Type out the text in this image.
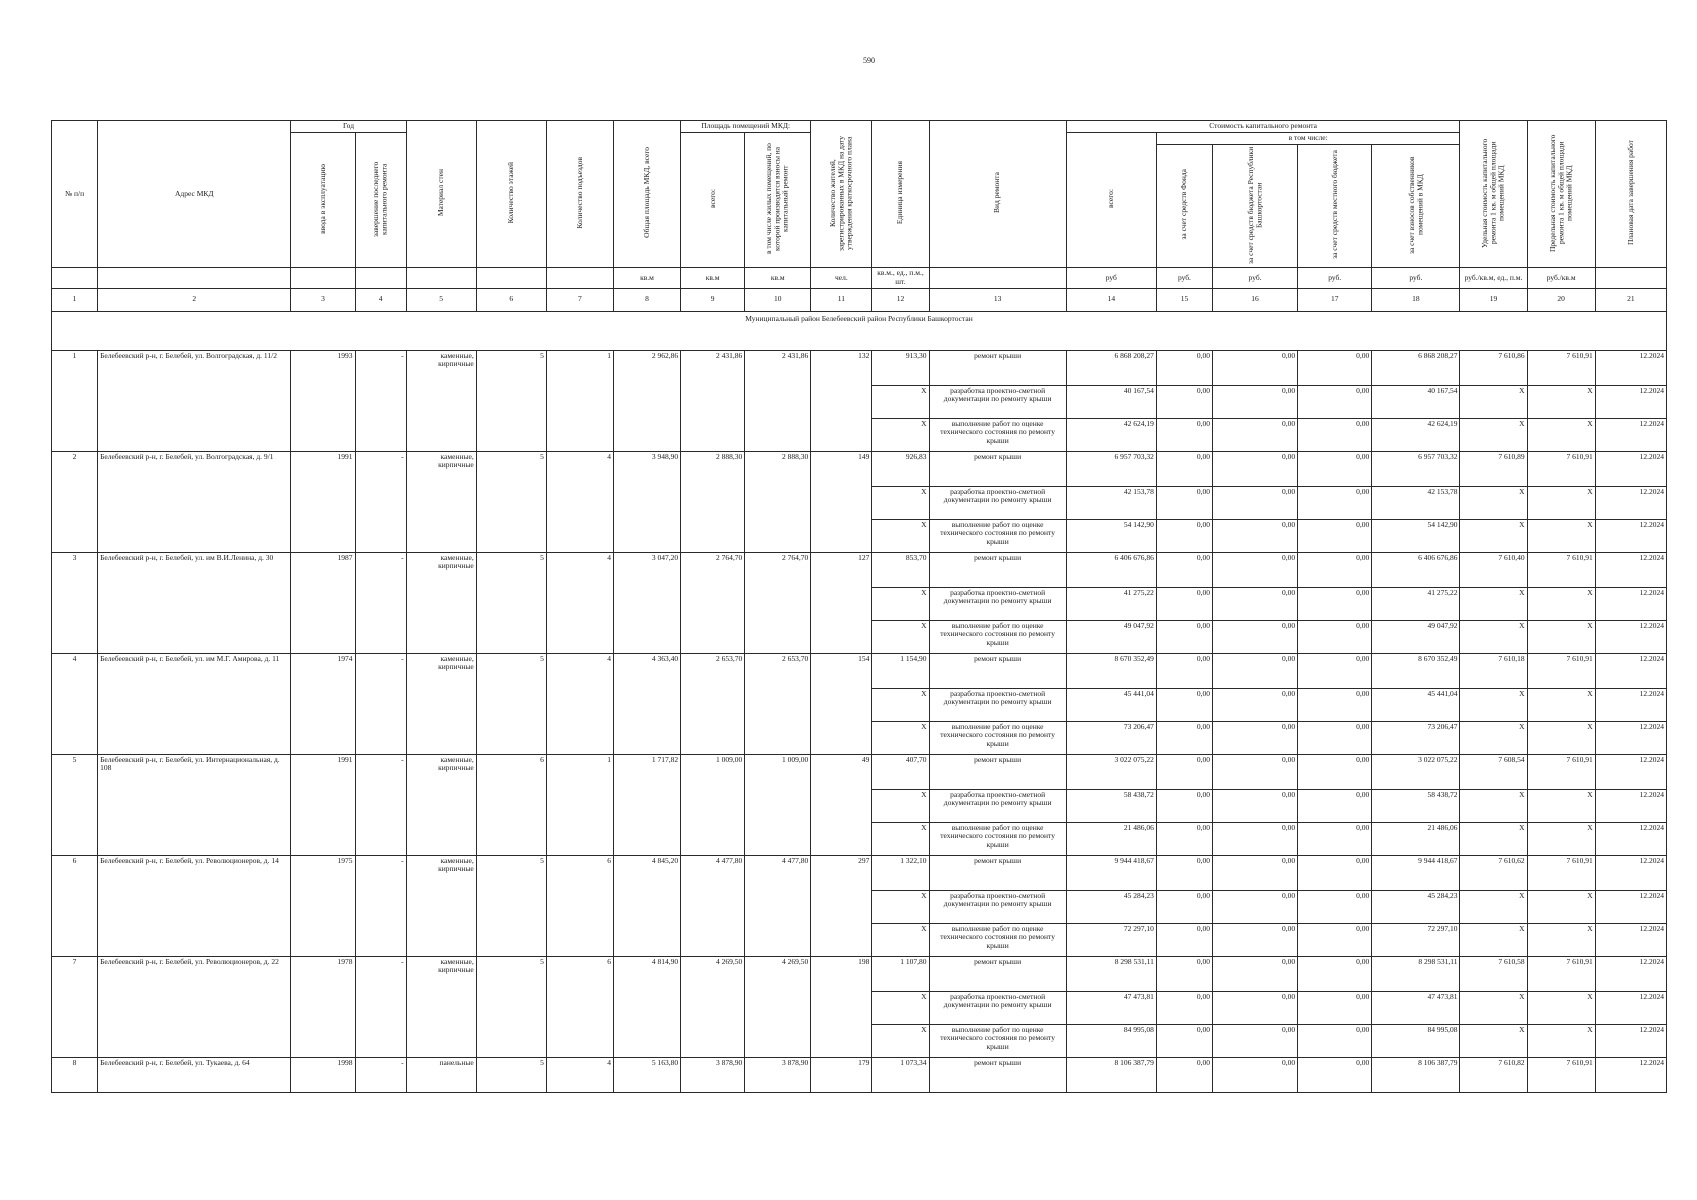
590
№ п/п	Адрес МКД	Год		Материал стен	Количество этажей	Количество подъездов	Общая площадь МКД, всего	Площадь помещений МКД:		Количество жителей, зарегистрированных в МКД на дату утверждения краткосрочного плана	Единица измерения	Вид ремонта	Стоимость капитального ремонта					Удельная стоимость капитального ремонта 1 кв. м общей площади помещений МКД	Предельная стоимость капитального ремонта 1 кв. м общей площади помещений МКД	Плановая дата завершения работ
		ввода в эксплуатацию	завершение последнего капитального ремонта					всего:	в том числе жилых помещений, по которой производятся взносы на капитальный ремонт				всего:	в том числе:						
														за счет средств Фонда	за счет средств бюджета Республики Башкортостан	за счет средств местного бюджета	за счет взносов собственников помещений в МКД			
							кв.м	кв.м	кв.м	чел.	кв.м., ед., п.м., шт.		руб	руб.	руб.	руб.	руб.	руб./кв.м, ед., п.м.	руб./кв.м	
1	2	3	4	5	6	7	8	9	10	11	12	13	14	15	16	17	18	19	20	21
Муниципальный район Белебеевский район Республики Башкортостан																				
1	Белебеевский р-н, г. Белебей, ул. Волгоградская, д. 11/2	1993	-	каменные, кирпичные	5	1	2 962,86	2 431,86	2 431,86	132	913,30	ремонт крыши	6 868 208,27	0,00	0,00	0,00	6 868 208,27	7 610,86	7 610,91	12.2024
											X	разработка проектно-сметной документации по ремонту крыши	40 167,54	0,00	0,00	0,00	40 167,54	X	X	12.2024
											X	выполнение работ по оценке технического состояния по ремонту крыши	42 624,19	0,00	0,00	0,00	42 624,19	X	X	12.2024
2	Белебеевский р-н, г. Белебей, ул. Волгоградская, д. 9/1	1991	-	каменные, кирпичные	5	4	3 948,90	2 888,30	2 888,30	149	926,83	ремонт крыши	6 957 703,32	0,00	0,00	0,00	6 957 703,32	7 610,89	7 610,91	12.2024
											X	разработка проектно-сметной документации по ремонту крыши	42 153,78	0,00	0,00	0,00	42 153,78	X	X	12.2024
											X	выполнение работ по оценке технического состояния по ремонту крыши	54 142,90	0,00	0,00	0,00	54 142,90	X	X	12.2024
3	Белебеевский р-н, г. Белебей, ул. им В.И.Ленина, д. 30	1987	-	каменные, кирпичные	5	4	3 047,20	2 764,70	2 764,70	127	853,70	ремонт крыши	6 406 676,86	0,00	0,00	0,00	6 406 676,86	7 610,40	7 610,91	12.2024
											X	разработка проектно-сметной документации по ремонту крыши	41 275,22	0,00	0,00	0,00	41 275,22	X	X	12.2024
											X	выполнение работ по оценке технического состояния по ремонту крыши	49 047,92	0,00	0,00	0,00	49 047,92	X	X	12.2024
4	Белебеевский р-н, г. Белебей, ул. им М.Г. Амирова, д. 11	1974	-	каменные, кирпичные	5	4	4 363,40	2 653,70	2 653,70	154	1 154,90	ремонт крыши	8 670 352,49	0,00	0,00	0,00	8 670 352,49	7 610,18	7 610,91	12.2024
											X	разработка проектно-сметной документации по ремонту крыши	45 441,04	0,00	0,00	0,00	45 441,04	X	X	12.2024
											X	выполнение работ по оценке технического состояния по ремонту крыши	73 206,47	0,00	0,00	0,00	73 206,47	X	X	12.2024
5	Белебеевский р-н, г. Белебей, ул. Интернациональная, д. 108	1991	-	каменные, кирпичные	6	1	1 717,82	1 009,00	1 009,00	49	407,70	ремонт крыши	3 022 075,22	0,00	0,00	0,00	3 022 075,22	7 608,54	7 610,91	12.2024
											X	разработка проектно-сметной документации по ремонту крыши	58 438,72	0,00	0,00	0,00	58 438,72	X	X	12.2024
											X	выполнение работ по оценке технического состояния по ремонту крыши	21 486,06	0,00	0,00	0,00	21 486,06	X	X	12.2024
6	Белебеевский р-н, г. Белебей, ул. Революционеров, д. 14	1975	-	каменные, кирпичные	5	6	4 845,20	4 477,80	4 477,80	297	1 322,10	ремонт крыши	9 944 418,67	0,00	0,00	0,00	9 944 418,67	7 610,62	7 610,91	12.2024
											X	разработка проектно-сметной документации по ремонту крыши	45 284,23	0,00	0,00	0,00	45 284,23	X	X	12.2024
											X	выполнение работ по оценке технического состояния по ремонту крыши	72 297,10	0,00	0,00	0,00	72 297,10	X	X	12.2024
7	Белебеевский р-н, г. Белебей, ул. Революционеров, д. 22	1978	-	каменные, кирпичные	5	6	4 814,90	4 269,50	4 269,50	198	1 107,80	ремонт крыши	8 298 531,11	0,00	0,00	0,00	8 298 531,11	7 610,58	7 610,91	12.2024
											X	разработка проектно-сметной документации по ремонту крыши	47 473,81	0,00	0,00	0,00	47 473,81	X	X	12.2024
											X	выполнение работ по оценке технического состояния по ремонту крыши	84 995,08	0,00	0,00	0,00	84 995,08	X	X	12.2024
8	Белебеевский р-н, г. Белебей, ул. Тукаева, д. 64	1998	-	панельные	5	4	5 163,80	3 878,90	3 878,90	179	1 073,34	ремонт крыши	8 106 387,79	0,00	0,00	0,00	8 106 387,79	7 610,82	7 610,91	12.2024
